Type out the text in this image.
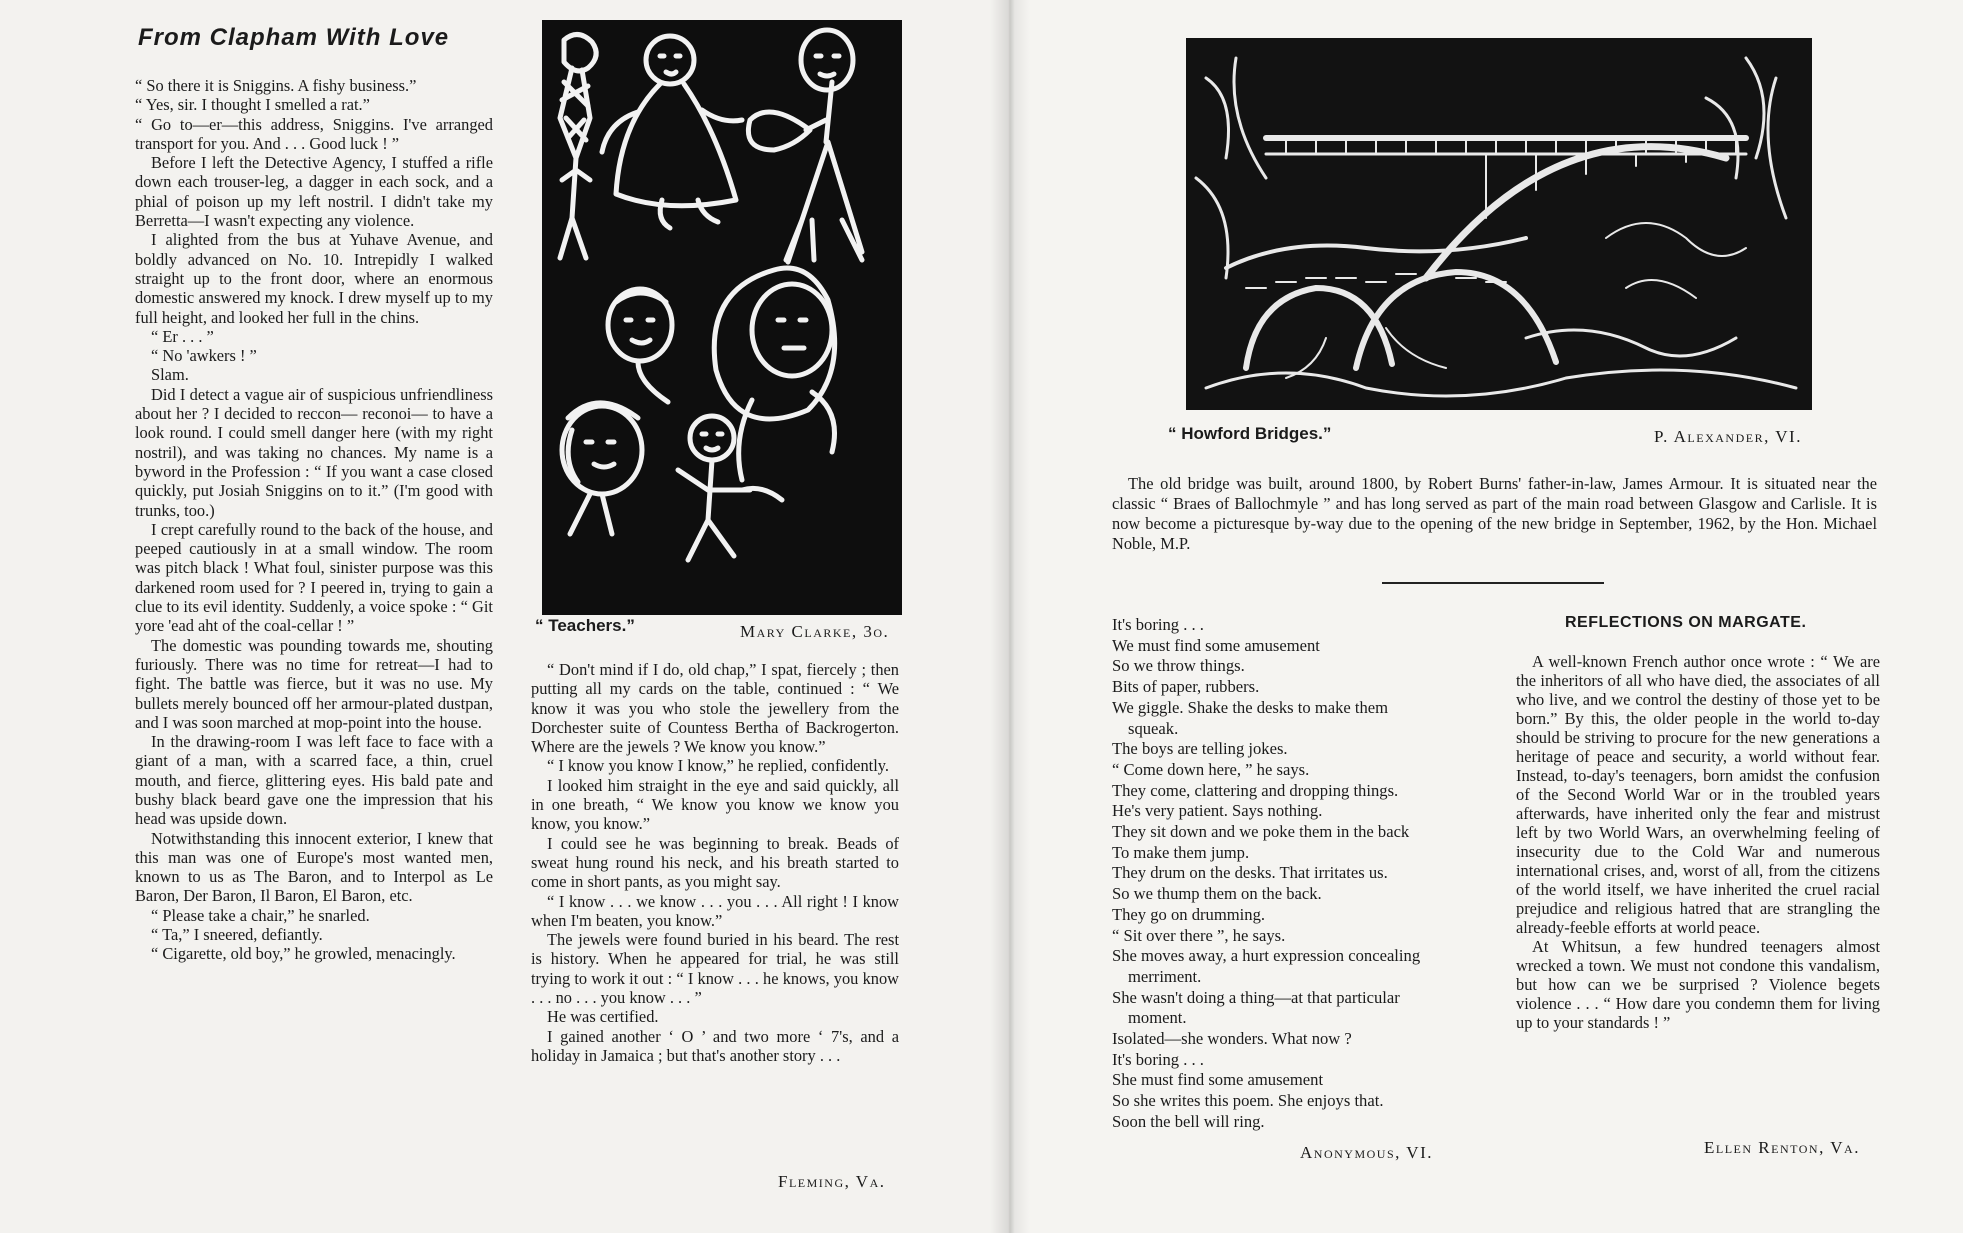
From Clapham With Love

“ So there it is Sniggins. A fishy business.”

“ Yes, sir. I thought I smelled a rat.”

“ Go to—er—this address, Sniggins. I've arranged transport for you. And . . . Good luck ! ”

Before I left the Detective Agency, I stuffed a rifle down each trouser-leg, a dagger in each sock, and a phial of poison up my left nostril. I didn't take my Berretta—I wasn't expecting any violence.

I alighted from the bus at Yuhave Avenue, and boldly advanced on No. 10. Intrepidly I walked straight up to the front door, where an enormous domestic answered my knock. I drew myself up to my full height, and looked her full in the chins.

“ Er . . . ”

“ No 'awkers ! ”

Slam.

Did I detect a vague air of suspicious unfriendliness about her ? I decided to reccon— reconoi— to have a look round. I could smell danger here (with my right nostril), and was taking no chances. My name is a byword in the Profession : “ If you want a case closed quickly, put Josiah Sniggins on to it.” (I'm good with trunks, too.)

I crept carefully round to the back of the house, and peeped cautiously in at a small window. The room was pitch black ! What foul, sinister purpose was this darkened room used for ? I peered in, trying to gain a clue to its evil identity. Suddenly, a voice spoke : “ Git yore 'ead aht of the coal-cellar ! ”

The domestic was pounding towards me, shouting furiously. There was no time for retreat—I had to fight. The battle was fierce, but it was no use. My bullets merely bounced off her armour-plated dustpan, and I was soon marched at mop-point into the house.

In the drawing-room I was left face to face with a giant of a man, with a scarred face, a thin, cruel mouth, and fierce, glittering eyes. His bald pate and bushy black beard gave one the impression that his head was upside down.

Notwithstanding this innocent exterior, I knew that this man was one of Europe's most wanted men, known to us as The Baron, and to Interpol as Le Baron, Der Baron, Il Baron, El Baron, etc.

“ Please take a chair,” he snarled.

“ Ta,” I sneered, defiantly.

“ Cigarette, old boy,” he growled, menacingly.

“ Teachers.”	Mary Clarke, 3o.

“ Don't mind if I do, old chap,” I spat, fiercely ; then putting all my cards on the table, continued : “ We know it was you who stole the jewellery from the Dorchester suite of Countess Bertha of Backrogerton. Where are the jewels ? We know you know.”

“ I know you know I know,” he replied, confidently.

I looked him straight in the eye and said quickly, all in one breath, “ We know you know we know you know, you know.”

I could see he was beginning to break. Beads of sweat hung round his neck, and his breath started to come in short pants, as you might say.

“ I know . . . we know . . . you . . . All right ! I know when I'm beaten, you know.”

The jewels were found buried in his beard. The rest is history. When he appeared for trial, he was still trying to work it out : “ I know . . . he knows, you know . . . no . . . you know . . . ”

He was certified.

I gained another ‘ O ’ and two more ‘ 7's, and a holiday in Jamaica ; but that's another story . . .

Fleming, Va.
“ Howford Bridges.”	P. Alexander, VI.

The old bridge was built, around 1800, by Robert Burns' father-in-law, James Armour. It is situated near the classic “ Braes of Ballochmyle ” and has long served as part of the main road between Glasgow and Carlisle. It is now become a picturesque by-way due to the opening of the new bridge in September, 1962, by the Hon. Michael Noble, M.P.

It's boring . . .
We must find some amusement
So we throw things.
Bits of paper, rubbers.
We giggle. Shake the desks to make them
squeak.
The boys are telling jokes.
“ Come down here, ” he says.
They come, clattering and dropping things.
He's very patient. Says nothing.
They sit down and we poke them in the back
To make them jump.
They drum on the desks. That irritates us.
So we thump them on the back.
They go on drumming.
“ Sit over there ”, he says.
She moves away, a hurt expression concealing
merriment.
She wasn't doing a thing—at that particular
moment.
Isolated—she wonders. What now ?
It's boring . . .
She must find some amusement
So she writes this poem. She enjoys that.
Soon the bell will ring.
Anonymous, VI.
REFLECTIONS ON MARGATE.

A well-known French author once wrote : “ We are the inheritors of all who have died, the associates of all who live, and we control the destiny of those yet to be born.” By this, the older people in the world to-day should be striving to procure for the new generations a heritage of peace and security, a world without fear. Instead, to-day's teenagers, born amidst the confusion of the Second World War or in the troubled years afterwards, have inherited only the fear and mistrust left by two World Wars, an overwhelming feeling of insecurity due to the Cold War and numerous international crises, and, worst of all, from the citizens of the world itself, we have inherited the cruel racial prejudice and religious hatred that are strangling the already-feeble efforts at world peace.

At Whitsun, a few hundred teenagers almost wrecked a town. We must not condone this vandalism, but how can we be surprised ? Violence begets violence . . . “ How dare you condemn them for living up to your standards ! ”

Ellen Renton, Va.
